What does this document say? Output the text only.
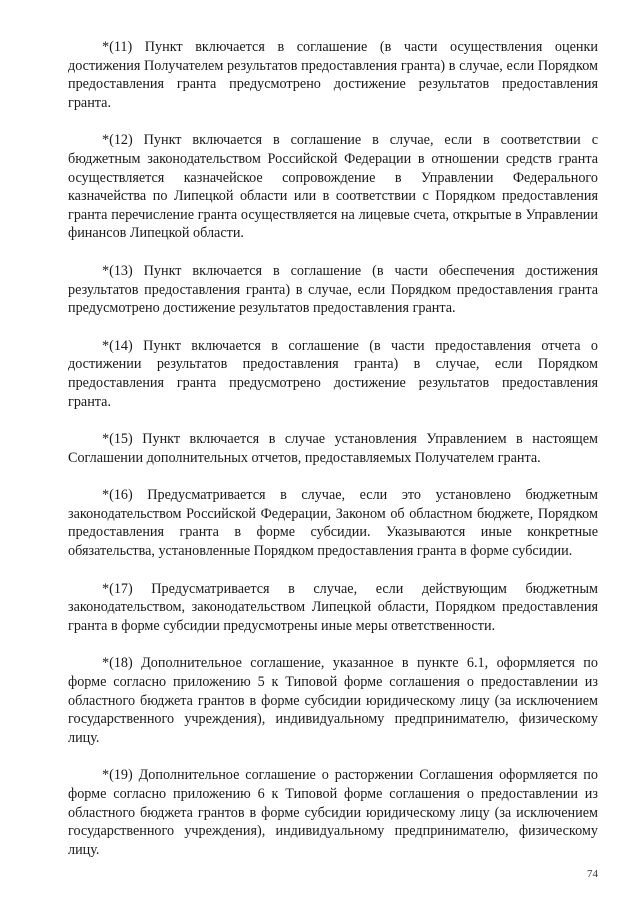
*(11) Пункт включается в соглашение (в части осуществления оценки достижения Получателем результатов предоставления гранта) в случае, если Порядком предоставления гранта предусмотрено достижение результатов предоставления гранта.

*(12) Пункт включается в соглашение в случае, если в соответствии с бюджетным законодательством Российской Федерации в отношении средств гранта осуществляется казначейское сопровождение в Управлении Федерального казначейства по Липецкой области или в соответствии с Порядком предоставления гранта перечисление гранта осуществляется на лицевые счета, открытые в Управлении финансов Липецкой области.

*(13) Пункт включается в соглашение (в части обеспечения достижения результатов предоставления гранта) в случае, если Порядком предоставления гранта предусмотрено достижение результатов предоставления гранта.

*(14) Пункт включается в соглашение (в части предоставления отчета о достижении результатов предоставления гранта) в случае, если Порядком предоставления гранта предусмотрено достижение результатов предоставления гранта.

*(15) Пункт включается в случае установления Управлением в настоящем Соглашении дополнительных отчетов, предоставляемых Получателем гранта.

*(16) Предусматривается в случае, если это установлено бюджетным законодательством Российской Федерации, Законом об областном бюджете, Порядком предоставления гранта в форме субсидии. Указываются иные конкретные обязательства, установленные Порядком предоставления гранта в форме субсидии.

*(17) Предусматривается в случае, если действующим бюджетным законодательством, законодательством Липецкой области, Порядком предоставления гранта в форме субсидии предусмотрены иные меры ответственности.

*(18) Дополнительное соглашение, указанное в пункте 6.1, оформляется по форме согласно приложению 5 к Типовой форме соглашения о предоставлении из областного бюджета грантов в форме субсидии юридическому лицу (за исключением государственного учреждения), индивидуальному предпринимателю, физическому лицу.

*(19) Дополнительное соглашение о расторжении Соглашения оформляется по форме согласно приложению 6 к Типовой форме соглашения о предоставлении из областного бюджета грантов в форме субсидии юридическому лицу (за исключением государственного учреждения), индивидуальному предпринимателю, физическому лицу.

74
